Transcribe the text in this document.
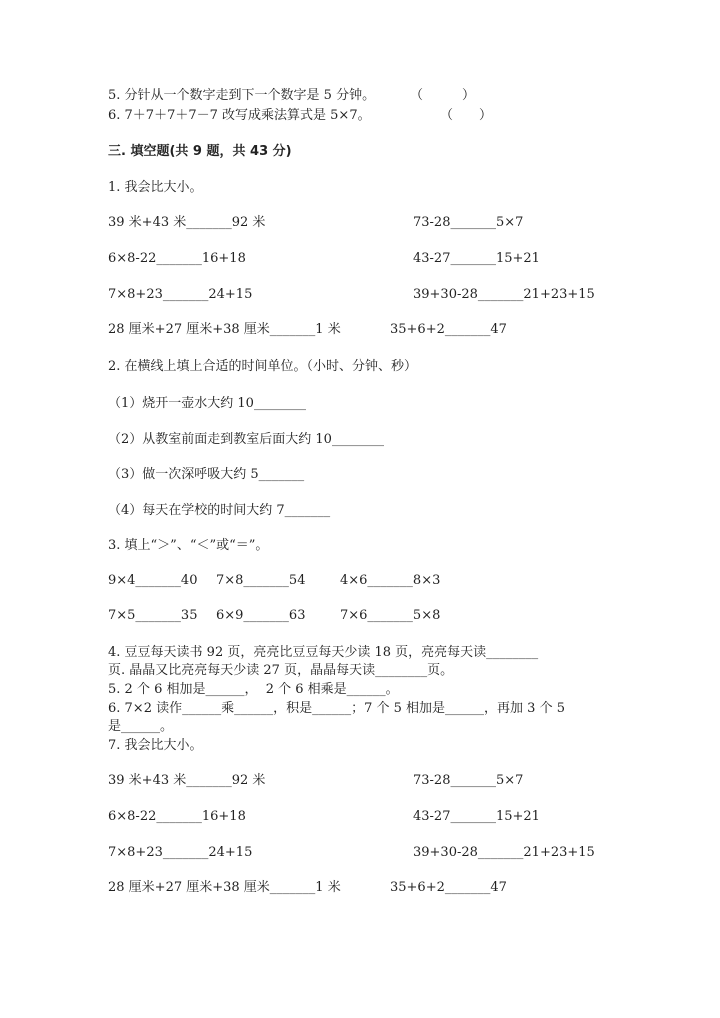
5. 分针从一个数字走到下一个数字是 5 分钟。	（　　　）
6. 7＋7＋7＋7－7 改写成乘法算式是 5×7。	（　　）
三. 填空题(共 9 题，共 43 分)
1. 我会比大小。
39 米+43 米_______92 米	73-28_______5×7
6×8-22_______16+18	43-27_______15+21
7×8+23_______24+15	39+30-28_______21+23+15
28 厘米+27 厘米+38 厘米_______1 米	35+6+2_______47
2. 在横线上填上合适的时间单位。（小时、分钟、秒）
（1）烧开一壶水大约 10________
（2）从教室前面走到教室后面大约 10________
（3）做一次深呼吸大约 5_______
（4）每天在学校的时间大约 7_______
3. 填上“＞”、“＜”或“＝”。
9×4_______40 7×8_______54	4×6_______8×3
7×5_______35 6×9_______63	7×6_______5×8
4. 豆豆每天读书 92 页，亮亮比豆豆每天少读 18 页，亮亮每天读________
页. 晶晶又比亮亮每天少读 27 页，晶晶每天读________页。
5. 2 个 6 相加是______，  2 个 6 相乘是______。
6. 7×2 读作______乘______，积是______；7 个 5 相加是______，再加 3 个 5
是______。
7. 我会比大小。
39 米+43 米_______92 米	73-28_______5×7
6×8-22_______16+18	43-27_______15+21
7×8+23_______24+15	39+30-28_______21+23+15
28 厘米+27 厘米+38 厘米_______1 米	35+6+2_______47
